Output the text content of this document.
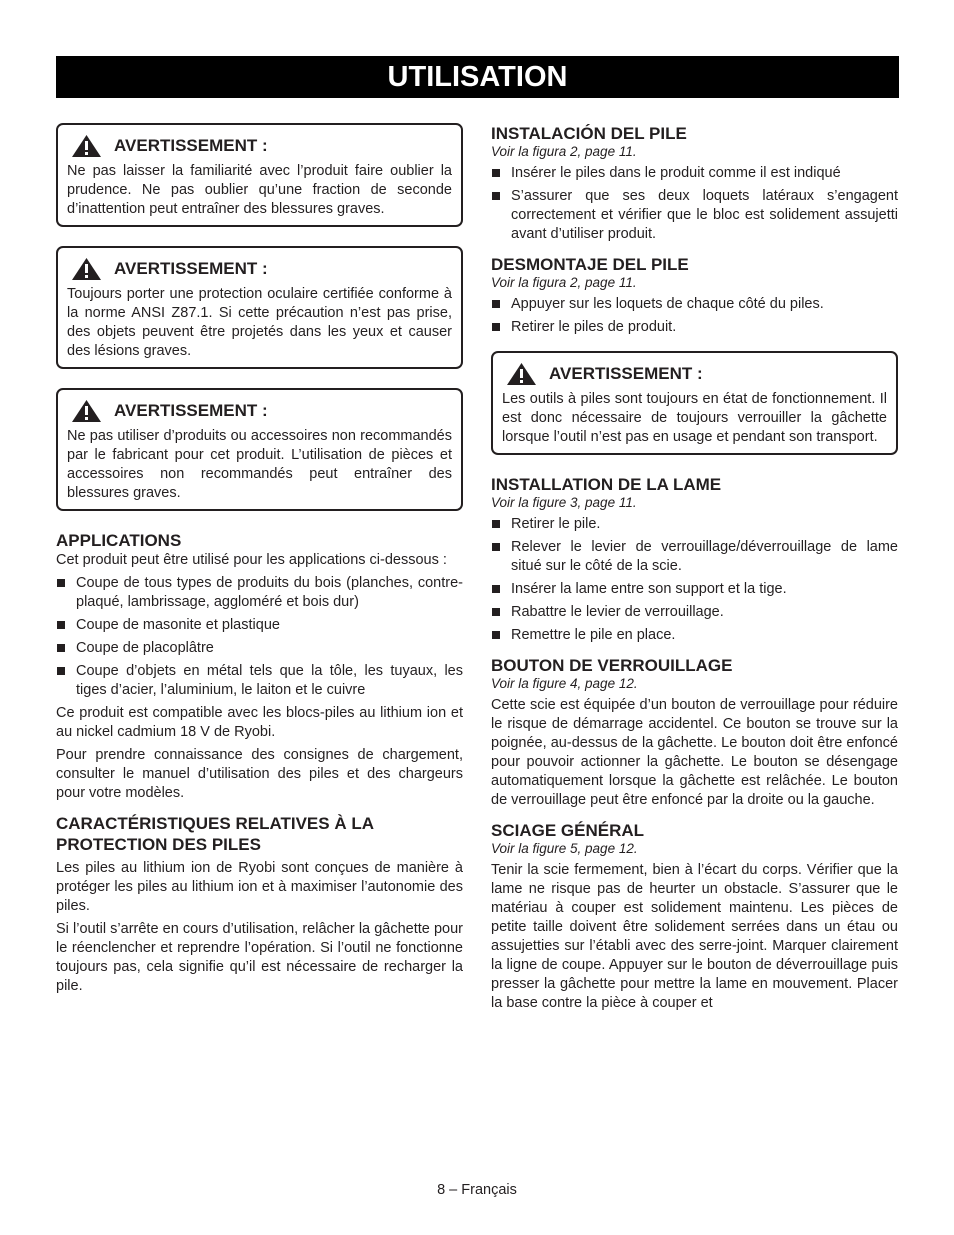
UTILISATION
AVERTISSEMENT :

Ne pas laisser la familiarité avec l’produit faire oublier la prudence. Ne pas oublier qu’une fraction de seconde d’inattention peut entraîner des blessures graves.

AVERTISSEMENT :

Toujours porter une protection oculaire certifiée conforme à la norme ANSI Z87.1. Si cette précaution n’est pas prise, des objets peuvent être projetés dans les yeux et causer des lésions graves.

AVERTISSEMENT :

Ne pas utiliser d’produits ou accessoires non recommandés par le fabricant pour cet produit. L’utilisation de pièces et accessoires non recommandés peut entraîner des blessures graves.

APPLICATIONS

Cet produit peut être utilisé pour les applications ci-dessous :

Coupe de tous types de produits du bois (planches, contre-plaqué, lambrissage, aggloméré et bois dur)
Coupe de masonite et plastique
Coupe de placoplâtre
Coupe d’objets en métal tels que la tôle, les tuyaux, les tiges d’acier, l’aluminium, le laiton et le cuivre

Ce produit est compatible avec les blocs-piles au lithium ion et au nickel cadmium 18 V de Ryobi.

Pour prendre connaissance des consignes de chargement, consulter le manuel d’utilisation des piles et des chargeurs pour votre modèles.

CARACTÉRISTIQUES RELATIVES À LA PROTECTION DES PILES

Les piles au lithium ion de Ryobi sont conçues de manière à protéger les piles au lithium ion et à maximiser l’autonomie des piles.

Si l’outil s’arrête en cours d’utilisation, relâcher la gâchette pour le réenclencher et reprendre l’opération. Si l’outil ne fonctionne toujours pas, cela signifie qu’il est nécessaire de recharger la pile.

INSTALACIÓN DEL PILE
Voir la figura 2, page 11.
Insérer le piles dans le produit comme il est indiqué
S’assurer que ses deux loquets latéraux s’engagent correctement et vérifier que le bloc est solidement assujetti avant d’utiliser produit.
DESMONTAJE DEL PILE
Voir la figura 2, page 11.
Appuyer sur les loquets de chaque côté du piles.
Retirer le piles de produit.
AVERTISSEMENT :

Les outils à piles sont toujours en état de fonctionnement. Il est donc nécessaire de toujours verrouiller la gâchette lorsque l’outil n’est pas en usage et pendant son transport.

INSTALLATION DE LA LAME
Voir la figure 3, page 11.
Retirer le pile.
Relever le levier de verrouillage/déverrouillage de lame situé sur le côté de la scie.
Insérer la lame entre son support et la tige.
Rabattre le levier de verrouillage.
Remettre le pile en place.
BOUTON DE VERROUILLAGE
Voir la figure 4, page 12.

Cette scie est équipée d’un bouton de verrouillage pour réduire le risque de démarrage accidentel. Ce bouton se trouve sur la poignée, au-dessus de la gâchette. Le bouton doit être enfoncé pour pouvoir actionner la gâchette. Le bouton se désengage automatiquement lorsque la gâchette est relâchée. Le bouton de verrouillage peut être enfoncé par la droite ou la gauche.

SCIAGE GÉNÉRAL
Voir la figure 5, page 12.

Tenir la scie fermement, bien à l’écart du corps. Vérifier que la lame ne risque pas de heurter un obstacle. S’assurer que le matériau à couper est solidement maintenu. Les pièces de petite taille doivent être solidement serrées dans un étau ou assujetties sur l’établi avec des serre-joint. Marquer clairement la ligne de coupe. Appuyer sur le bouton de déverrouillage puis presser la gâchette pour mettre la lame en mouvement. Placer la base contre la pièce à couper et

8 – Français
